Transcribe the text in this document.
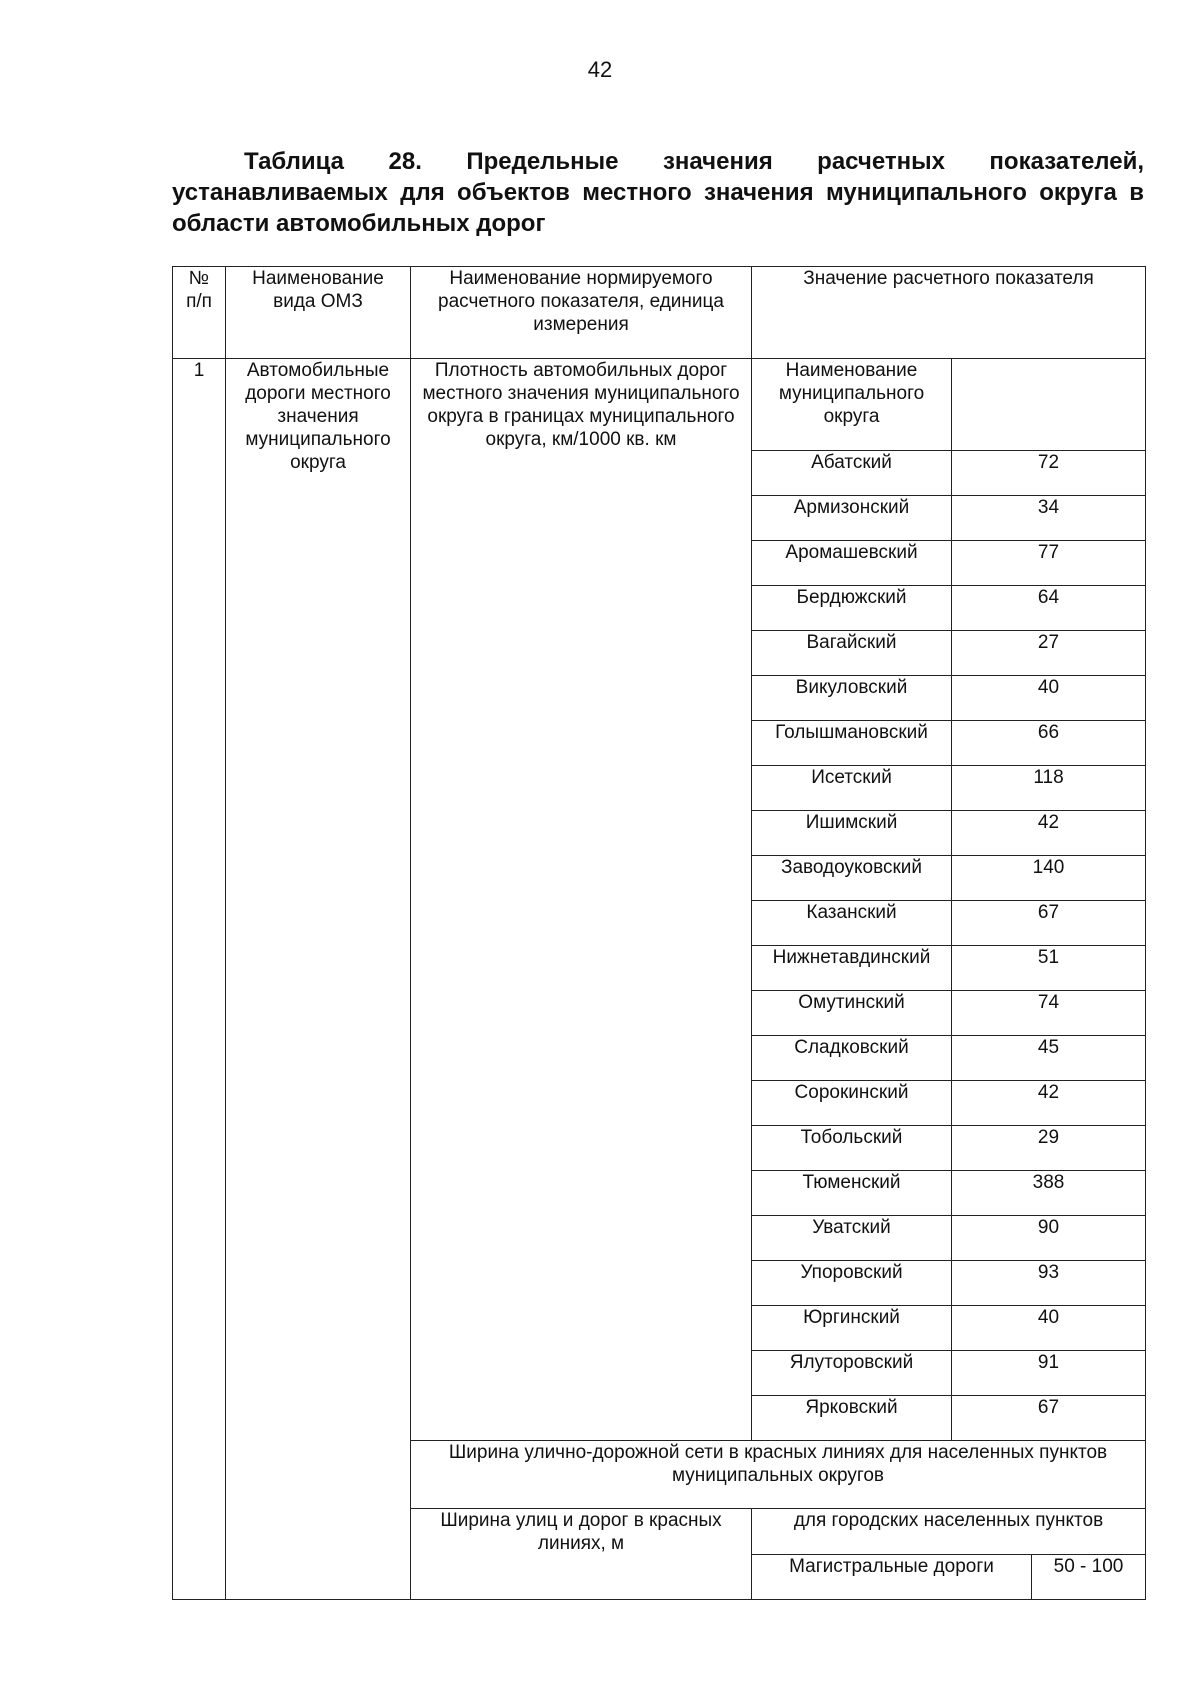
42
Таблица 28. Предельные значения расчетных показателей, устанавливаемых для объектов местного значения муниципального округа в области автомобильных дорог
№ п/п	Наименование вида ОМЗ	Наименование нормируемого расчетного показателя, единица измерения	Значение расчетного показателя		
1	Автомобильные дороги местного значения муниципального округа	Плотность автомобильных дорог местного значения муниципального округа в границах муниципального округа, км/1000 кв. км	Наименование муниципального округа		
			Абатский	72	
			Армизонский	34	
			Аромашевский	77	
			Бердюжский	64	
			Вагайский	27	
			Викуловский	40	
			Голышмановский	66	
			Исетский	118	
			Ишимский	42	
			Заводоуковский	140	
			Казанский	67	
			Нижнетавдинский	51	
			Омутинский	74	
			Сладковский	45	
			Сорокинский	42	
			Тобольский	29	
			Тюменский	388	
			Уватский	90	
			Упоровский	93	
			Юргинский	40	
			Ялуторовский	91	
			Ярковский	67	
		Ширина улично-дорожной сети в красных линиях для населенных пунктов муниципальных округов			
		Ширина улиц и дорог в красных линиях, м	для городских населенных пунктов		
			Магистральные дороги		50 - 100
